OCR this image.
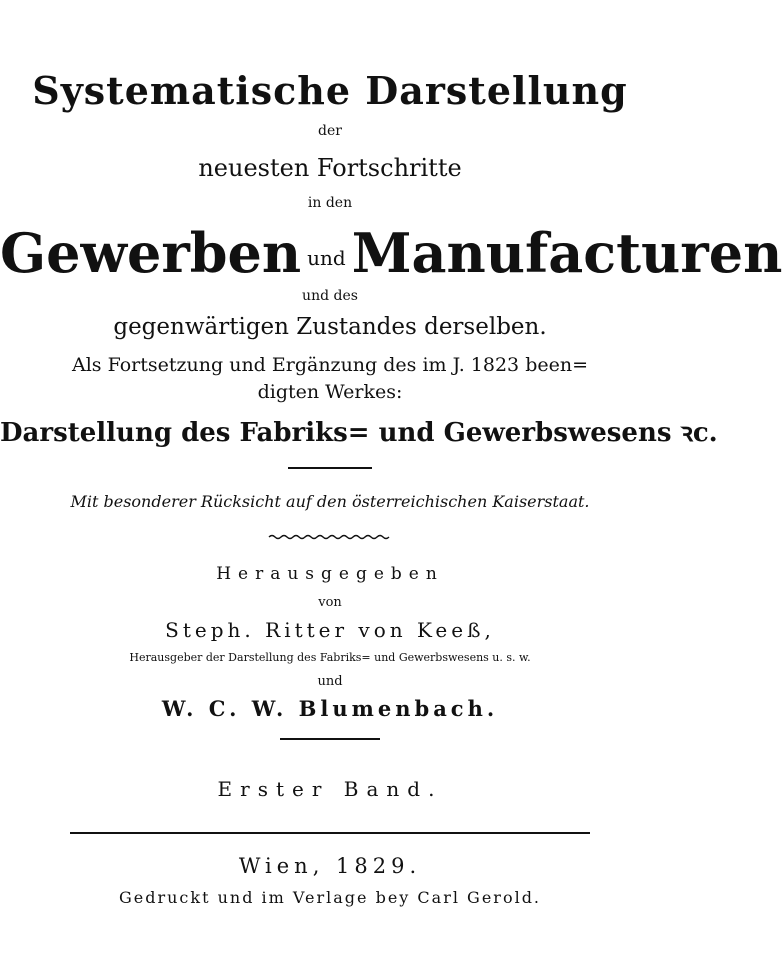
Systematische Darstellung
der
neuesten Fortschritte
in den
Gewerben und Manufacturen
und des
gegenwärtigen Zustandes derselben.
Als Fortsetzung und Ergänzung des im J. 1823 been=
digten Werkes:
Darstellung des Fabriks= und Gewerbswesens ꝛc.
Mit besonderer Rücksicht auf den österreichischen Kaiserstaat.
Herausgegeben
von
Steph. Ritter von Keeß,
Herausgeber der Darstellung des Fabriks= und Gewerbswesens u. s. w.
und
W. C. W. Blumenbach.
Erster Band.
Wien, 1829.
Gedruckt und im Verlage bey Carl Gerold.
